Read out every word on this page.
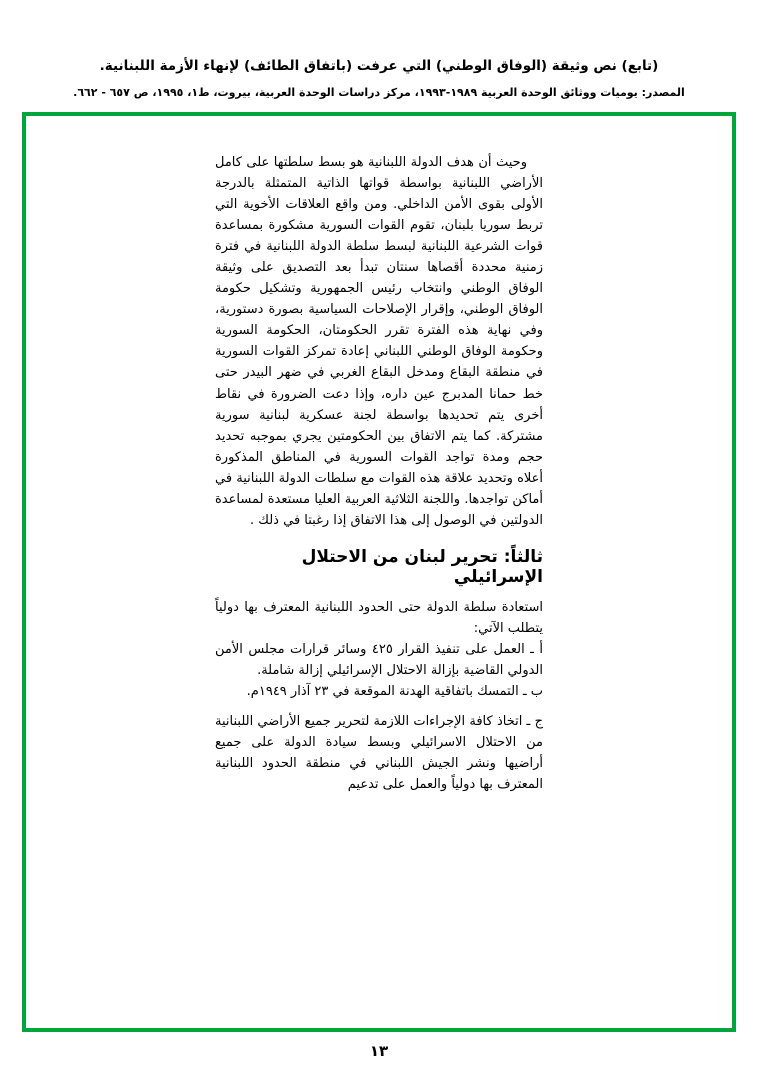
(تابع) نص وثيقة (الوفاق الوطني) التي عرفت (باتفاق الطائف) لإنهاء الأزمة اللبنانية.
المصدر: يوميات ووثائق الوحدة العربية ١٩٨٩-١٩٩٣، مركز دراسات الوحدة العربية، بيروت، ط١، ١٩٩٥، ص ٦٥٧ - ٦٦٢.

وحيث أن هدف الدولة اللبنانية هو بسط سلطتها على كامل الأراضي اللبنانية بواسطة قواتها الذاتية المتمثلة بالدرجة الأولى بقوى الأمن الداخلي. ومن واقع العلاقات الأخوية التي تربط سوريا بلبنان، تقوم القوات السورية مشكورة بمساعدة قوات الشرعية اللبنانية لبسط سلطة الدولة اللبنانية في فترة زمنية محددة أقصاها سنتان تبدأ بعد التصديق على وثيقة الوفاق الوطني وانتخاب رئيس الجمهورية وتشكيل حكومة الوفاق الوطني، وإقرار الإصلاحات السياسية بصورة دستورية، وفي نهاية هذه الفترة تقرر الحكومتان، الحكومة السورية وحكومة الوفاق الوطني اللبناني إعادة تمركز القوات السورية في منطقة البقاع ومدخل البقاع الغربي في ضهر البيدر حتى خط حمانا المدبرج عين داره، وإذا دعت الضرورة في نقاط أخرى يتم تحديدها بواسطة لجنة عسكرية لبنانية سورية مشتركة. كما يتم الاتفاق بين الحكومتين يجري بموجبه تحديد حجم ومدة تواجد القوات السورية في المناطق المذكورة أعلاه وتحديد علاقة هذه القوات مع سلطات الدولة اللبنانية في أماكن تواجدها. واللجنة الثلاثية العربية العليا مستعدة لمساعدة الدولتين في الوصول إلى هذا الاتفاق إذا رغبتا في ذلك .

ثالثاً: تحرير لبنان من الاحتلال الإسرائيلي

استعادة سلطة الدولة حتى الحدود اللبنانية المعترف بها دولياً يتطلب الآتي:

أ ـ العمل على تنفيذ القرار ٤٢٥ وسائر قرارات مجلس الأمن الدولي القاضية بإزالة الاحتلال الإسرائيلي إزالة شاملة.

ب ـ التمسك باتفاقية الهدنة الموقعة في ٢٣ آذار ١٩٤٩م.

ج ـ اتخاذ كافة الإجراءات اللازمة لتحرير جميع الأراضي اللبنانية من الاحتلال الاسرائيلي وبسط سيادة الدولة على جميع أراضيها ونشر الجيش اللبناني في منطقة الحدود اللبنانية المعترف بها دولياً والعمل على تدعيم

١٣
